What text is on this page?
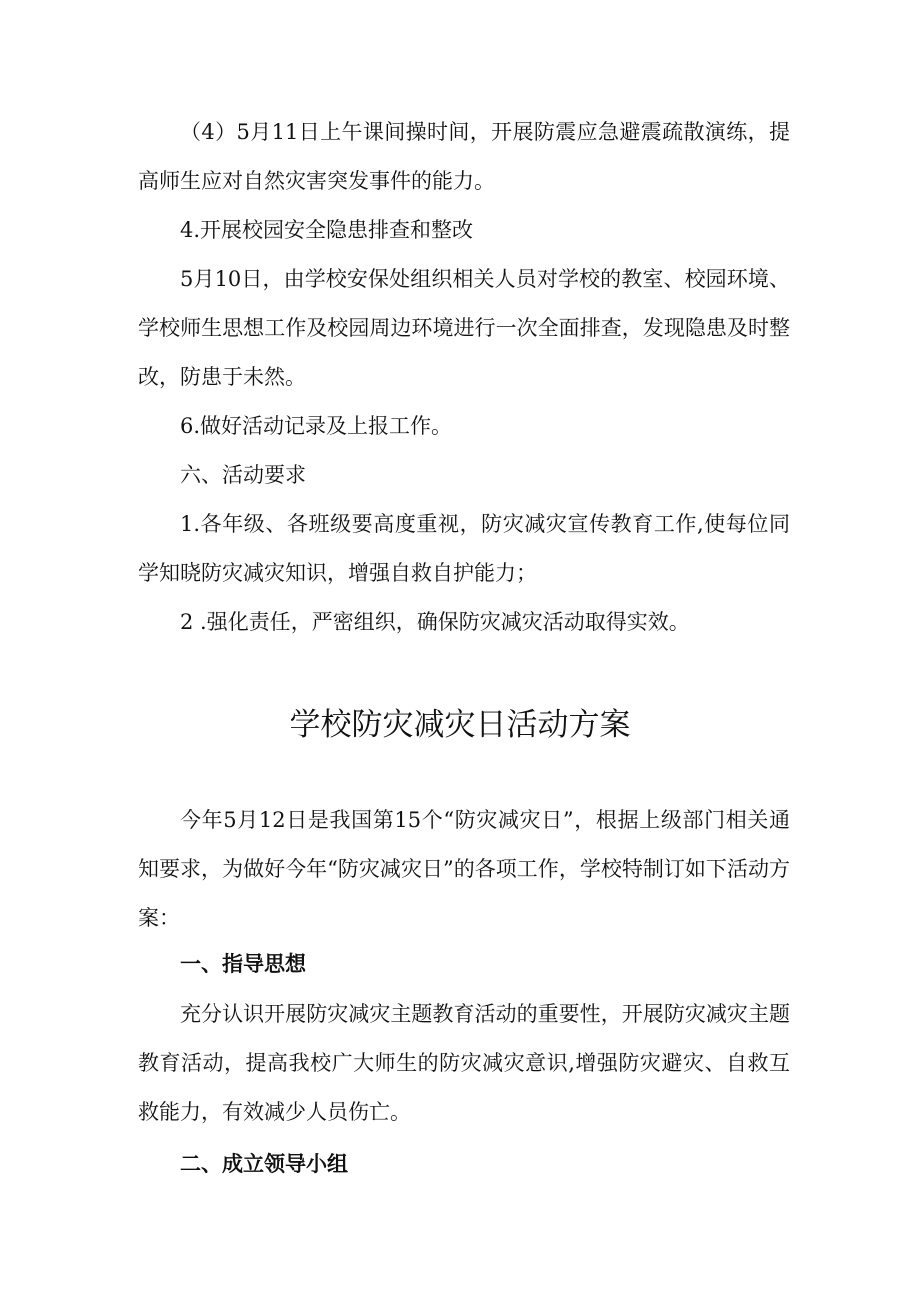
（4）5月11日上午课间操时间，开展防震应急避震疏散演练，提高师生应对自然灾害突发事件的能力。

4.开展校园安全隐患排查和整改

5月10日，由学校安保处组织相关人员对学校的教室、校园环境、学校师生思想工作及校园周边环境进行一次全面排查，发现隐患及时整改，防患于未然。

6.做好活动记录及上报工作。

六、活动要求

1.各年级、各班级要高度重视，防灾减灾宣传教育工作,使每位同学知晓防灾减灾知识，增强自救自护能力；

2 .强化责任，严密组织，确保防灾减灾活动取得实效。

学校防灾减灾日活动方案

今年5月12日是我国第15个“防灾减灾日”，根据上级部门相关通知要求，为做好今年“防灾减灾日”的各项工作，学校特制订如下活动方案：

一、指导思想

充分认识开展防灾减灾主题教育活动的重要性，开展防灾减灾主题教育活动，提高我校广大师生的防灾减灾意识,增强防灾避灾、自救互救能力，有效减少人员伤亡。

二、成立领导小组
